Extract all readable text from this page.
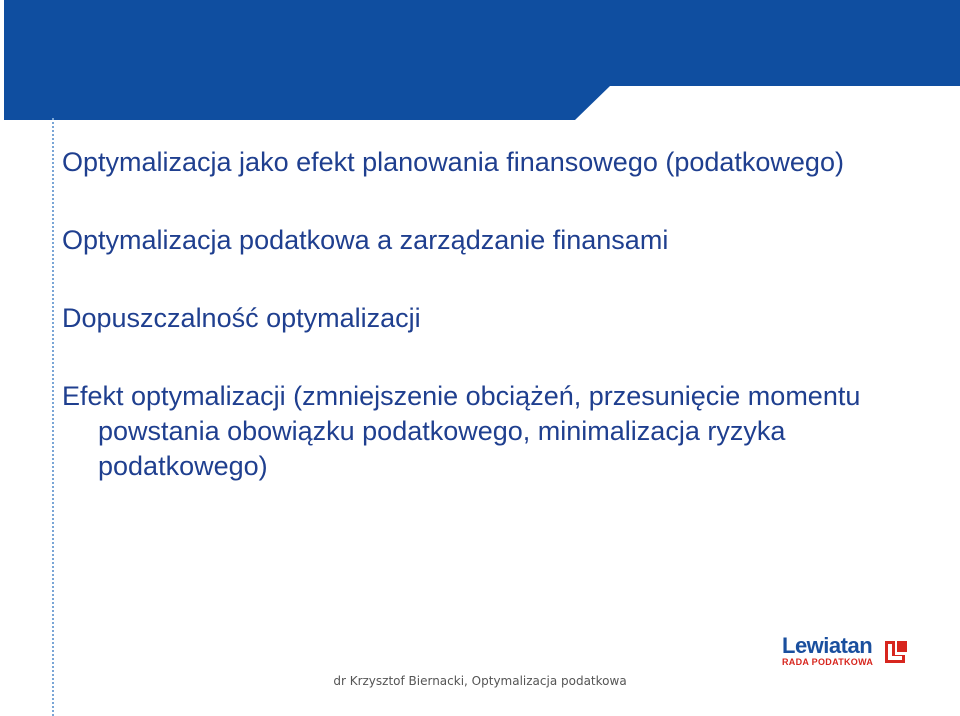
Optymalizacja jako efekt planowania finansowego (podatkowego)
Optymalizacja podatkowa a zarządzanie finansami
Dopuszczalność optymalizacji
Efekt optymalizacji (zmniejszenie obciążeń, przesunięcie momentu powstania obowiązku podatkowego, minimalizacja ryzyka podatkowego)
Lewiatan
RADA PODATKOWA
dr Krzysztof Biernacki, Optymalizacja podatkowa
